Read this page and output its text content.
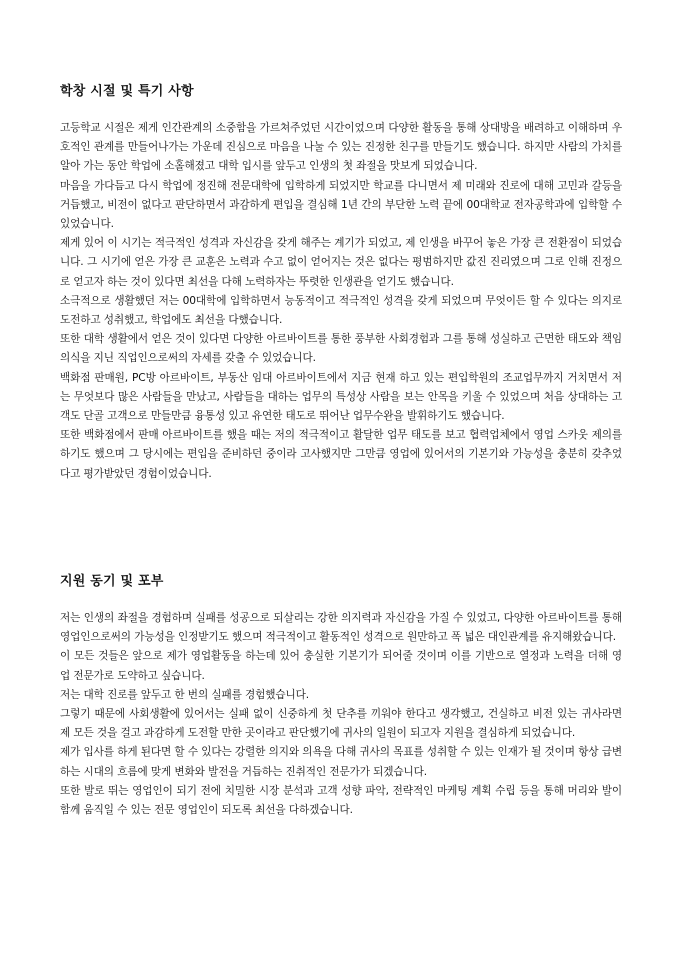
학창 시절 및 특기 사항

고등학교 시절은 제게 인간관계의 소중함을 가르쳐주었던 시간이었으며 다양한 활동을 통해 상대방을 배려하고 이해하며 우호적인 관계를 만들어나가는 가운데 진심으로 마음을 나눌 수 있는 진정한 친구를 만들기도 했습니다. 하지만 사람의 가치를 알아 가는 동안 학업에 소홀해졌고 대학 입시를 앞두고 인생의 첫 좌절을 맛보게 되었습니다.

마음을 가다듬고 다시 학업에 정진해 전문대학에 입학하게 되었지만 학교를 다니면서 제 미래와 진로에 대해 고민과 갈등을 거듭했고, 비전이 없다고 판단하면서 과감하게 편입을 결심해 1년 간의 부단한 노력 끝에 00대학교 전자공학과에 입학할 수 있었습니다.

제게 있어 이 시기는 적극적인 성격과 자신감을 갖게 해주는 계기가 되었고, 제 인생을 바꾸어 놓은 가장 큰 전환점이 되었습니다. 그 시기에 얻은 가장 큰 교훈은 노력과 수고 없이 얻어지는 것은 없다는 평범하지만 값진 진리였으며 그로 인해 진정으로 얻고자 하는 것이 있다면 최선을 다해 노력하자는 뚜렷한 인생관을 얻기도 했습니다.

소극적으로 생활했던 저는 00대학에 입학하면서 능동적이고 적극적인 성격을 갖게 되었으며 무엇이든 할 수 있다는 의지로 도전하고 성취했고, 학업에도 최선을 다했습니다.

또한 대학 생활에서 얻은 것이 있다면 다양한 아르바이트를 통한 풍부한 사회경험과 그를 통해 성실하고 근면한 태도와 책임의식을 지닌 직업인으로써의 자세를 갖출 수 있었습니다.

백화점 판매원, PC방 아르바이트, 부동산 임대 아르바이트에서 지금 현재 하고 있는 편입학원의 조교업무까지 거치면서 저는 무엇보다 많은 사람들을 만났고, 사람들을 대하는 업무의 특성상 사람을 보는 안목을 키울 수 있었으며 처음 상대하는 고객도 단골 고객으로 만들만큼 융통성 있고 유연한 태도로 뛰어난 업무수완을 발휘하기도 했습니다.

또한 백화점에서 판매 아르바이트를 했을 때는 저의 적극적이고 활달한 업무 태도를 보고 협력업체에서 영업 스카웃 제의를 하기도 했으며 그 당시에는 편입을 준비하던 중이라 고사했지만 그만큼 영업에 있어서의 기본기와 가능성을 충분히 갖추었다고 평가받았던 경험이었습니다.

지원 동기 및 포부

저는 인생의 좌절을 경험하며 실패를 성공으로 되살리는 강한 의지력과 자신감을 가질 수 있었고, 다양한 아르바이트를 통해 영업인으로써의 가능성을 인정받기도 했으며 적극적이고 활동적인 성격으로 원만하고 폭 넓은 대인관계를 유지해왔습니다.

이 모든 것들은 앞으로 제가 영업활동을 하는데 있어 충실한 기본기가 되어줄 것이며 이를 기반으로 열정과 노력을 더해 영업 전문가로 도약하고 싶습니다.

저는 대학 진로를 앞두고 한 번의 실패를 경험했습니다.

그렇기 때문에 사회생활에 있어서는 실패 없이 신중하게 첫 단추를 끼워야 한다고 생각했고, 건실하고 비전 있는 귀사라면 제 모든 것을 걸고 과감하게 도전할 만한 곳이라고 판단했기에 귀사의 일원이 되고자 지원을 결심하게 되었습니다.

제가 입사를 하게 된다면 할 수 있다는 강렬한 의지와 의욕을 다해 귀사의 목표를 성취할 수 있는 인재가 될 것이며 항상 급변하는 시대의 흐름에 맞게 변화와 발전을 거듭하는 진취적인 전문가가 되겠습니다.

또한 발로 뛰는 영업인이 되기 전에 치밀한 시장 분석과 고객 성향 파악, 전략적인 마케팅 계획 수립 등을 통해 머리와 발이 함께 움직일 수 있는 전문 영업인이 되도록 최선을 다하겠습니다.
